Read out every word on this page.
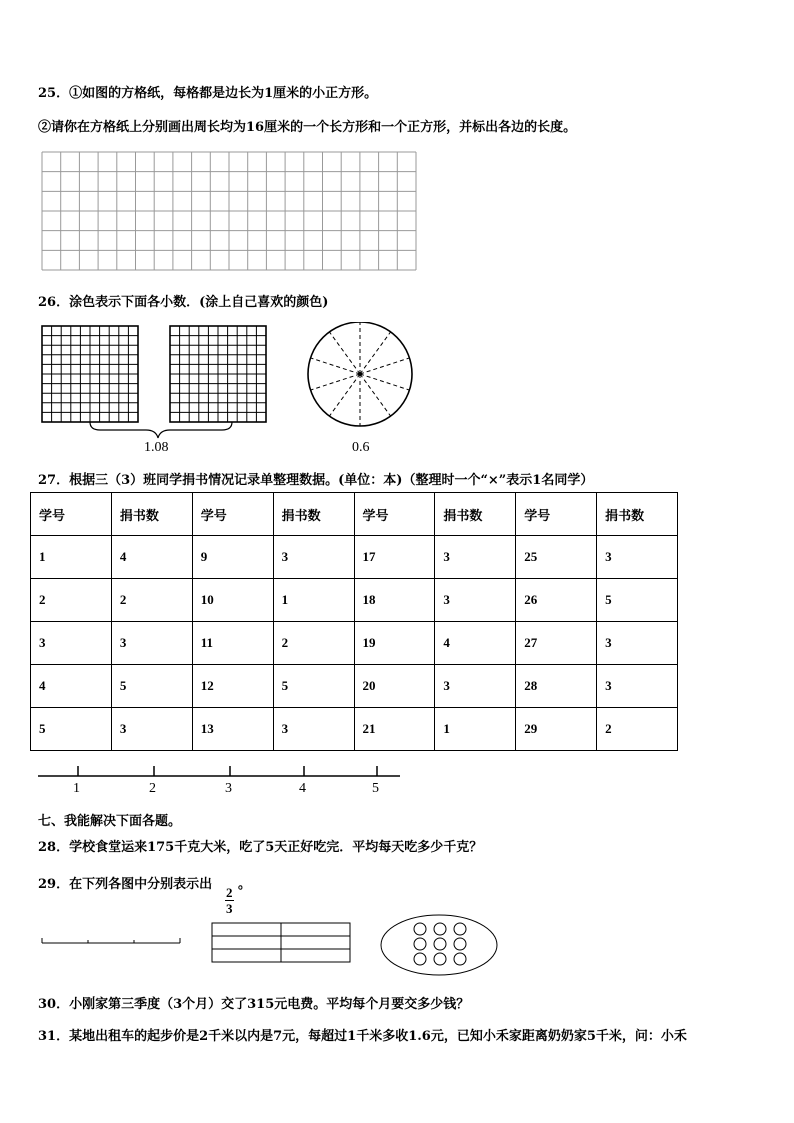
25．①如图的方格纸，每格都是边长为1厘米的小正方形。
②请你在方格纸上分别画出周长均为16厘米的一个长方形和一个正方形，并标出各边的长度。
26．涂色表示下面各小数．(涂上自己喜欢的颜色)
1.08	0.6
27．根据三（3）班同学捐书情况记录单整理数据。(单位：本)（整理时一个“×”表示1名同学）
学号	捐书数	学号	捐书数	学号	捐书数	学号	捐书数
1	4	9	3	17	3	25	3
2	2	10	1	18	3	26	5
3	3	11	2	19	4	27	3
4	5	12	5	20	3	28	3
5	3	13	3	21	1	29	2
1	2	3	4	5
七、我能解决下面各题。
28．学校食堂运来175千克大米，吃了5天正好吃完．平均每天吃多少千克？
29．在下列各图中分别表示出
$\frac{2}{3}$
。
30．小刚家第三季度（3个月）交了315元电费。平均每个月要交多少钱？
31．某地出租车的起步价是2千米以内是7元，每超过1千米多收1.6元，已知小禾家距离奶奶家5千米，问：小禾
